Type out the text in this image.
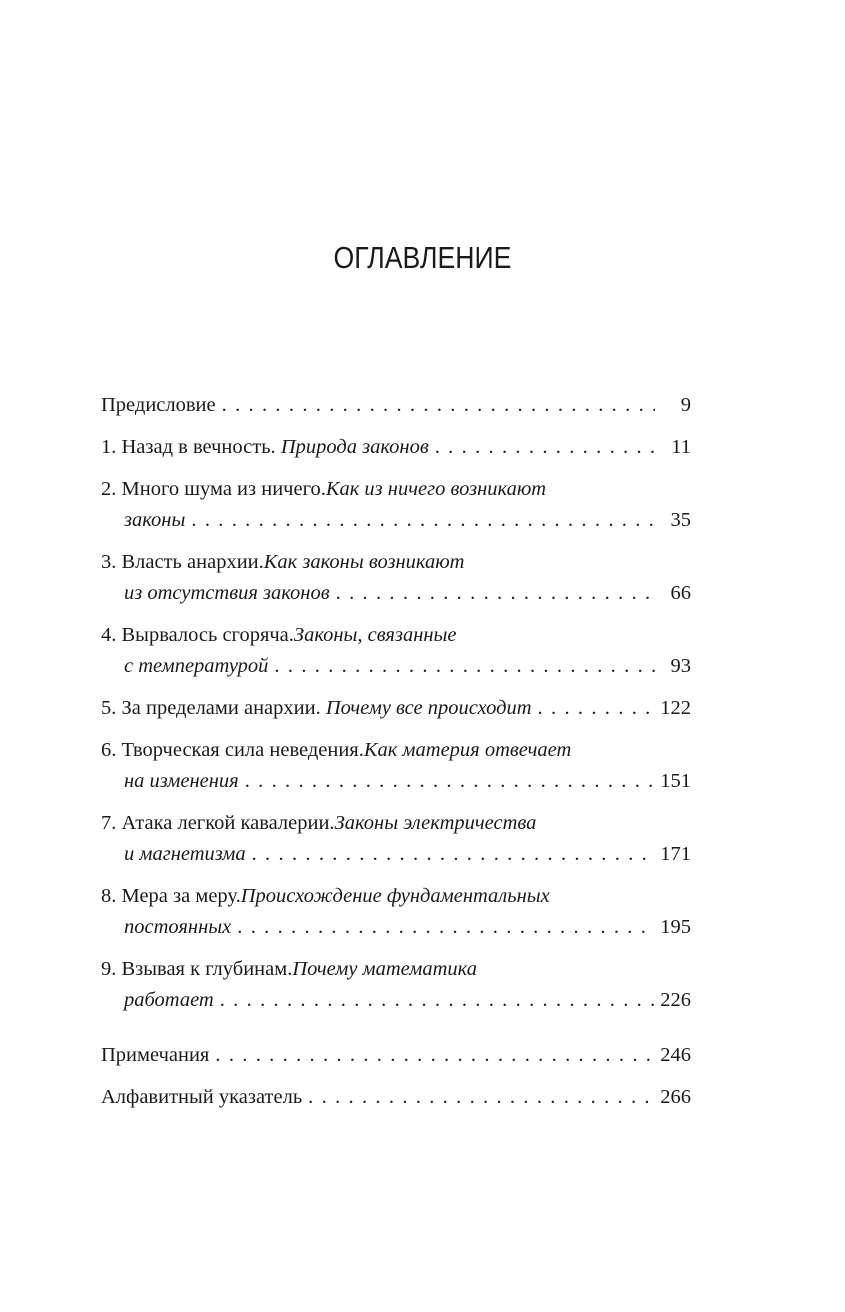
ОГЛАВЛЕНИЕ
Предисловие . . .	9
1. Назад в вечность. Природа законов . . .	11
2. Много шума из ничего. Как из ничего возникают
законы . . .	35
3. Власть анархии. Как законы возникают
из отсутствия законов . . .	66
4. Вырвалось сгоряча. Законы, связанные
с температурой . . .	93
5. За пределами анархии. Почему все происходит . . .	122
6. Творческая сила неведения. Как материя отвечает
на изменения . . .	151
7. Атака легкой кавалерии. Законы электричества
и магнетизма . . .	171
8. Мера за меру. Происхождение фундаментальных
постоянных . . .	195
9. Взывая к глубинам. Почему математика
работает . . .	226
Примечания . . .	246
Алфавитный указатель . . .	266
